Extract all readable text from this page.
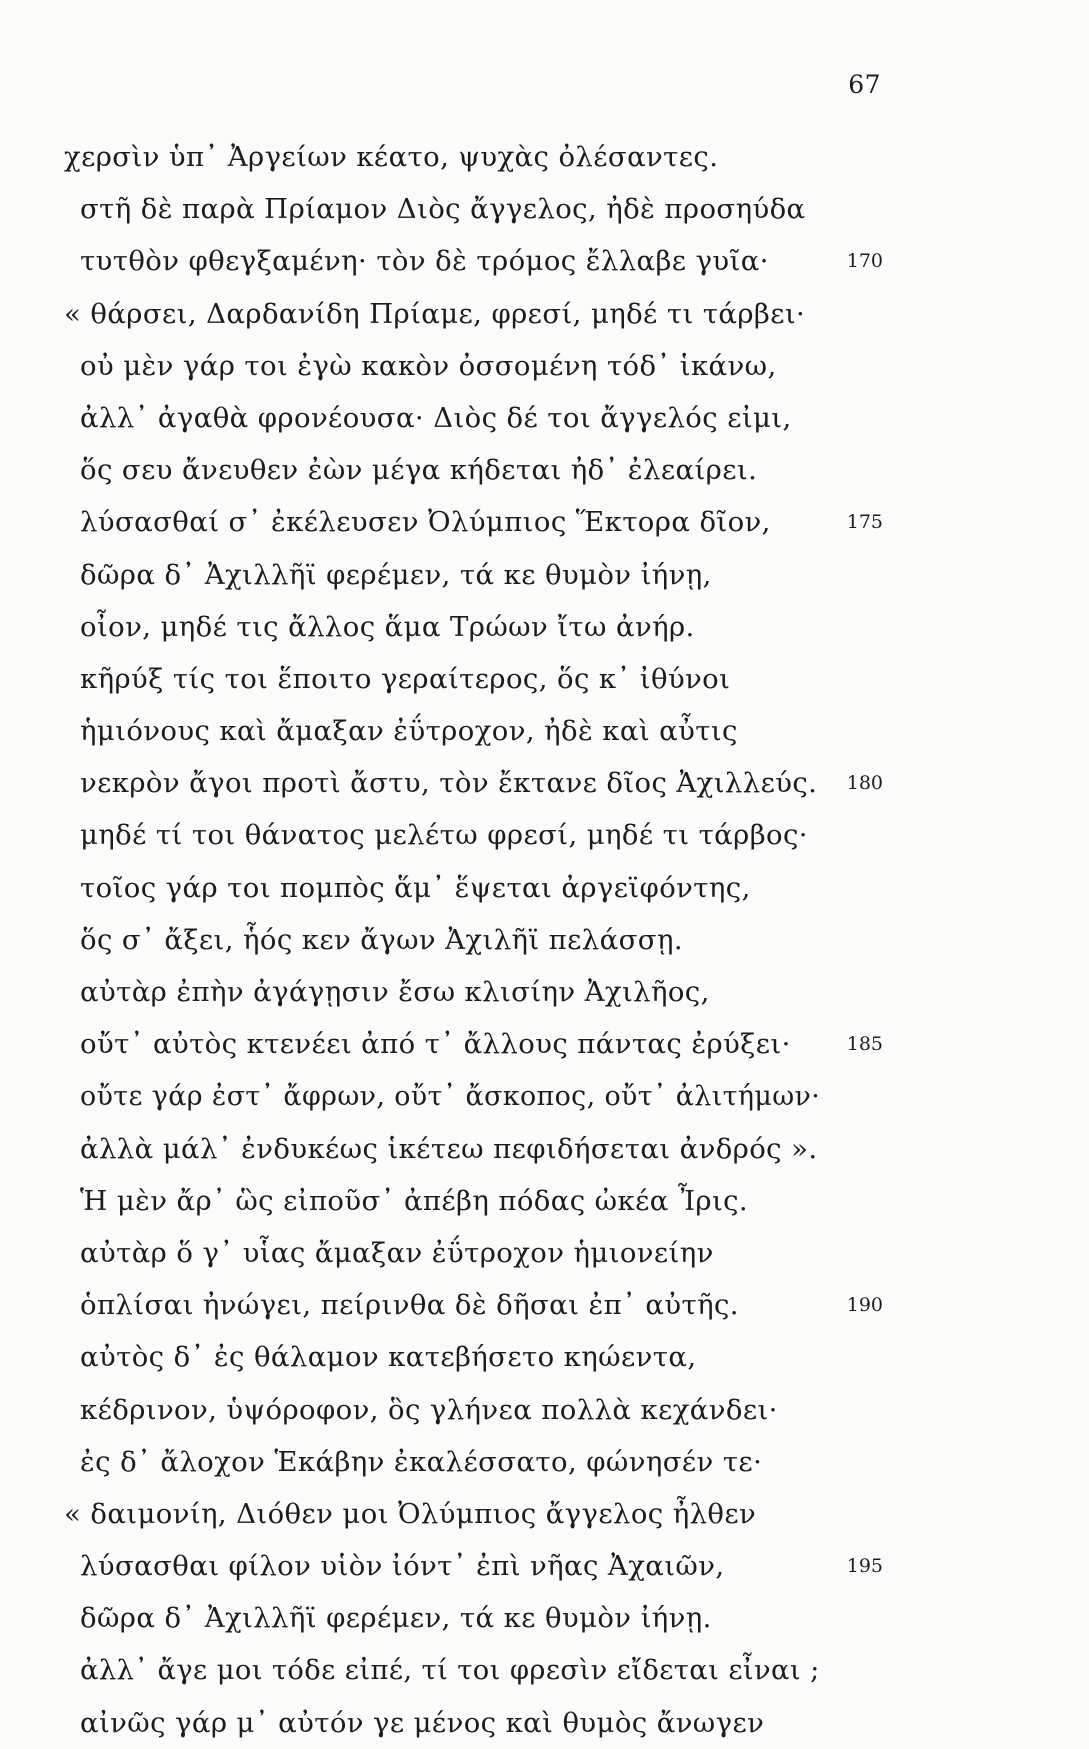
67
χερσὶν ὑπ᾽ Ἀργείων κέατο, ψυχὰς ὀλέσαντες.
στῆ δὲ παρὰ Πρίαμον Διὸς ἄγγελος, ἠδὲ προσηύδα
τυτθὸν φθεγξαμένη· τὸν δὲ τρόμος ἔλλαβε γυῖα·	170
« θάρσει, Δαρδανίδη Πρίαμε, φρεσί, μηδέ τι τάρβει·
οὐ μὲν γάρ τοι ἐγὼ κακὸν ὀσσομένη τόδ᾽ ἱκάνω,
ἀλλ᾽ ἀγαθὰ φρονέουσα· Διὸς δέ τοι ἄγγελός εἰμι,
ὅς σευ ἄνευθεν ἐὼν μέγα κήδεται ἠδ᾽ ἐλεαίρει.
λύσασθαί σ᾽ ἐκέλευσεν Ὀλύμπιος Ἕκτορα δῖον,	175
δῶρα δ᾽ Ἀχιλλῆϊ φερέμεν, τά κε θυμὸν ἰήνῃ,
οἶον, μηδέ τις ἄλλος ἅμα Τρώων ἴτω ἀνήρ.
κῆρύξ τίς τοι ἕποιτο γεραίτερος, ὅς κ᾽ ἰθύνοι
ἡμιόνους καὶ ἄμαξαν ἐΰτροχον, ἠδὲ καὶ αὖτις
νεκρὸν ἄγοι προτὶ ἄστυ, τὸν ἔκτανε δῖος Ἀχιλλεύς. 180
μηδέ τί τοι θάνατος μελέτω φρεσί, μηδέ τι τάρβος·
τοῖος γάρ τοι πομπὸς ἅμ᾽ ἕψεται ἀργεϊφόντης,
ὅς σ᾽ ἄξει, ἧός κεν ἄγων Ἀχιλῆϊ πελάσσῃ.
αὐτὰρ ἐπὴν ἀγάγῃσιν ἔσω κλισίην Ἀχιλῆος,
οὔτ᾽ αὐτὸς κτενέει ἀπό τ᾽ ἄλλους πάντας ἐρύξει·	185
οὔτε γάρ ἐστ᾽ ἄφρων, οὔτ᾽ ἄσκοπος, οὔτ᾽ ἀλιτήμων·
ἀλλὰ μάλ᾽ ἐνδυκέως ἱκέτεω πεφιδήσεται ἀνδρός ».
Ἡ μὲν ἄρ᾽ ὣς εἰποῦσ᾽ ἀπέβη πόδας ὠκέα Ἶρις.
αὐτὰρ ὅ γ᾽ υἷας ἄμαξαν ἐΰτροχον ἡμιονείην
ὁπλίσαι ἠνώγει, πείρινθα δὲ δῆσαι ἐπ᾽ αὐτῆς.	190
αὐτὸς δ᾽ ἐς θάλαμον κατεβήσετο κηώεντα,
κέδρινον, ὑψόροφον, ὃς γλήνεα πολλὰ κεχάνδει·
ἐς δ᾽ ἄλοχον Ἑκάβην ἐκαλέσσατο, φώνησέν τε·
« δαιμονίη, Διόθεν μοι Ὀλύμπιος ἄγγελος ἦλθεν
λύσασθαι φίλον υἱὸν ἰόντ᾽ ἐπὶ νῆας Ἀχαιῶν,	195
δῶρα δ᾽ Ἀχιλλῆϊ φερέμεν, τά κε θυμὸν ἰήνῃ.
ἀλλ᾽ ἄγε μοι τόδε εἰπέ, τί τοι φρεσὶν εἴδεται εἶναι ;
αἰνῶς γάρ μ᾽ αὐτόν γε μένος καὶ θυμὸς ἄνωγεν
